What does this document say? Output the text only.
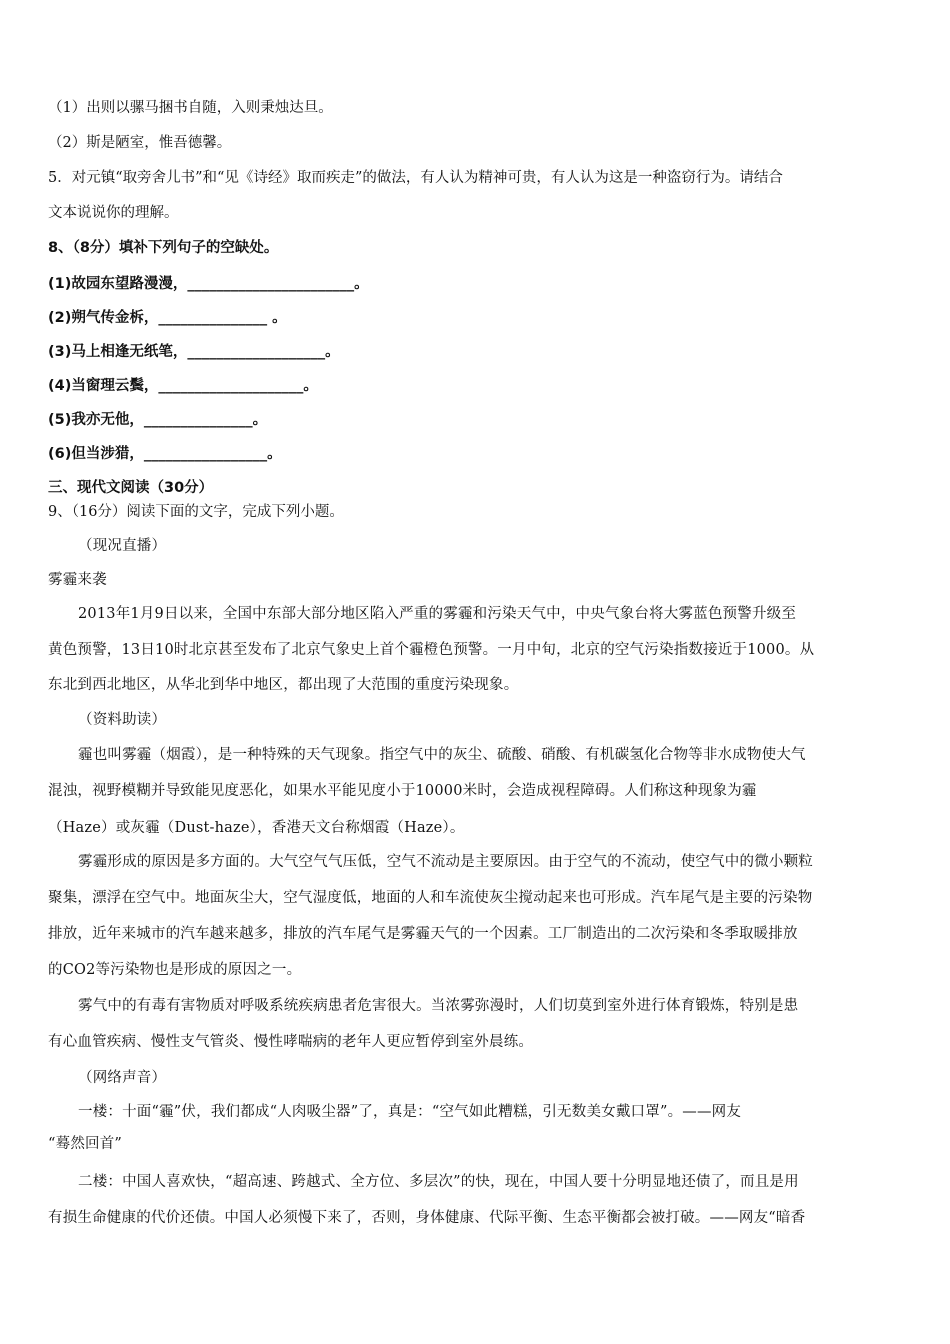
（1）出则以骡马捆书自随，入则秉烛达旦。
（2）斯是陋室，惟吾德馨。
5．对元镇“取旁舍儿书”和“见《诗经》取而疾走”的做法，有人认为精神可贵，有人认为这是一种盗窃行为。请结合
文本说说你的理解。
8、（8分）填补下列句子的空缺处。
(1)故园东望路漫漫，_______________________。
(2)朔气传金柝，_______________ 。
(3)马上相逢无纸笔，___________________。
(4)当窗理云鬓，____________________。
(5)我亦无他，_______________。
(6)但当涉猎，_________________。
三、现代文阅读（30分）
9、（16分）阅读下面的文字，完成下列小题。
（现况直播）
雾霾来袭
2013年1月9日以来，全国中东部大部分地区陷入严重的雾霾和污染天气中，中央气象台将大雾蓝色预警升级至
黄色预警，13日10时北京甚至发布了北京气象史上首个霾橙色预警。一月中旬，北京的空气污染指数接近于1000。从
东北到西北地区，从华北到华中地区，都出现了大范围的重度污染现象。
（资料助读）
霾也叫雾霾（烟霞），是一种特殊的天气现象。指空气中的灰尘、硫酸、硝酸、有机碳氢化合物等非水成物使大气
混浊，视野模糊并导致能见度恶化，如果水平能见度小于10000米时，会造成视程障碍。人们称这种现象为霾
（Haze）或灰霾（Dust-haze），香港天文台称烟霞（Haze）。
雾霾形成的原因是多方面的。大气空气气压低，空气不流动是主要原因。由于空气的不流动，使空气中的微小颗粒
聚集，漂浮在空气中。地面灰尘大，空气湿度低，地面的人和车流使灰尘搅动起来也可形成。汽车尾气是主要的污染物
排放，近年来城市的汽车越来越多，排放的汽车尾气是雾霾天气的一个因素。工厂制造出的二次污染和冬季取暖排放
的CO2等污染物也是形成的原因之一。
雾气中的有毒有害物质对呼吸系统疾病患者危害很大。当浓雾弥漫时，人们切莫到室外进行体育锻炼，特别是患
有心血管疾病、慢性支气管炎、慢性哮喘病的老年人更应暂停到室外晨练。
（网络声音）
一楼：十面“霾”伏，我们都成“人肉吸尘器”了，真是：“空气如此糟糕，引无数美女戴口罩”。——网友
“蓦然回首”
二楼：中国人喜欢快，“超高速、跨越式、全方位、多层次”的快，现在，中国人要十分明显地还债了，而且是用
有损生命健康的代价还债。中国人必须慢下来了，否则，身体健康、代际平衡、生态平衡都会被打破。——网友“暗香
